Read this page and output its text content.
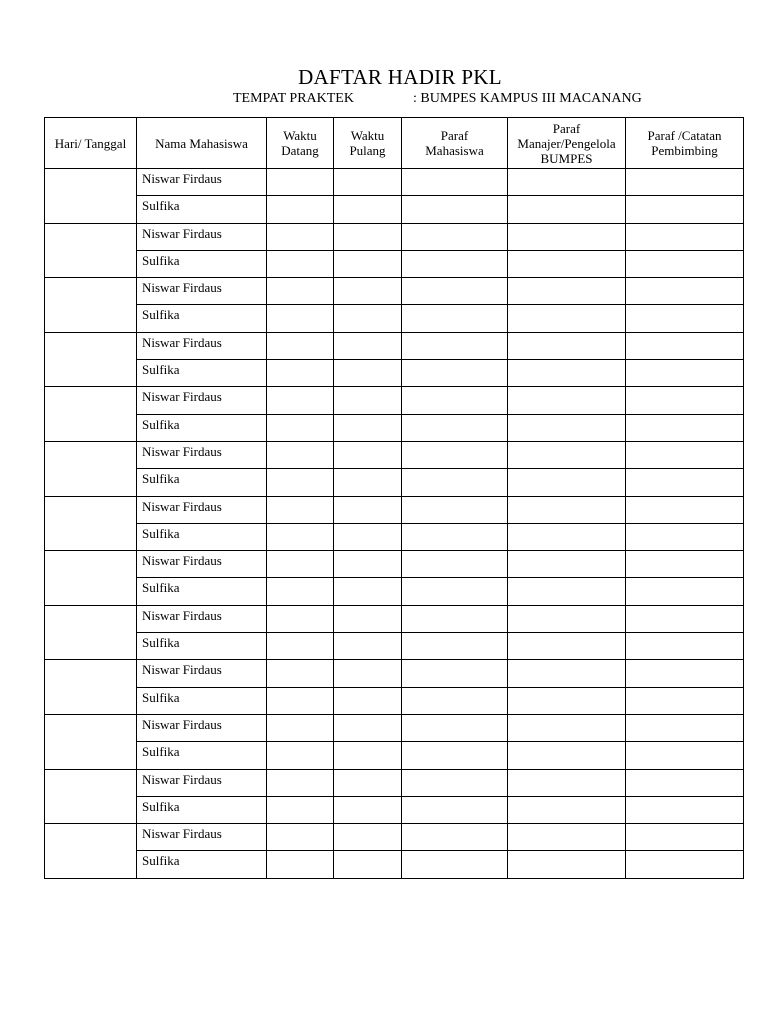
DAFTAR HADIR PKL
TEMPAT PRAKTEK	: BUMPES KAMPUS III MACANANG
Hari/ Tanggal	Nama Mahasiswa	Waktu Datang	Waktu Pulang	Paraf Mahasiswa	Paraf Manajer/Pengelola BUMPES	Paraf /Catatan Pembimbing
	Niswar Firdaus					
	Sulfika					
	Niswar Firdaus					
	Sulfika					
	Niswar Firdaus					
	Sulfika					
	Niswar Firdaus					
	Sulfika					
	Niswar Firdaus					
	Sulfika					
	Niswar Firdaus					
	Sulfika					
	Niswar Firdaus					
	Sulfika					
	Niswar Firdaus					
	Sulfika					
	Niswar Firdaus					
	Sulfika					
	Niswar Firdaus					
	Sulfika					
	Niswar Firdaus					
	Sulfika					
	Niswar Firdaus					
	Sulfika					
	Niswar Firdaus					
	Sulfika					
